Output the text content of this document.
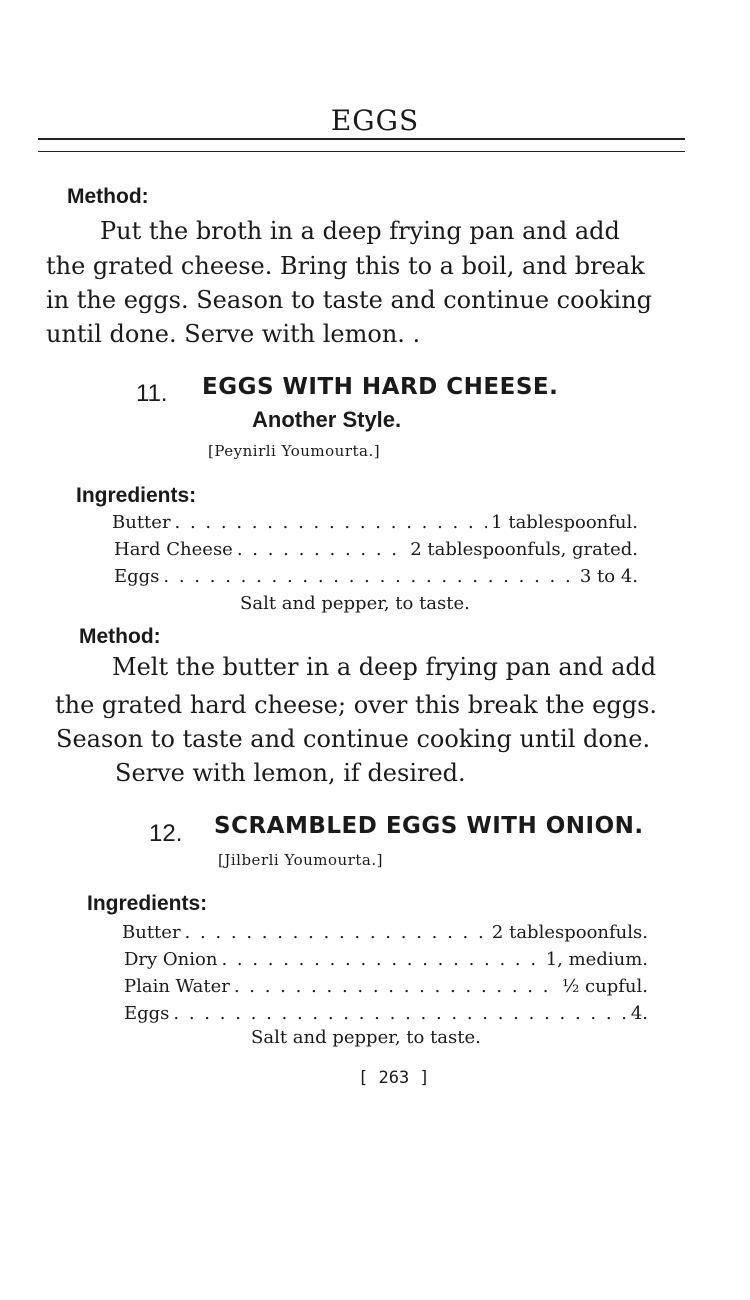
EGGS
Method:
Put the broth in a deep frying pan and add
the grated cheese. Bring this to a boil, and break
in the eggs. Season to taste and continue cooking
until done. Serve with lemon. .
11. EGGS WITH HARD CHEESE.
Another Style.
[Peynirli Youmourta.]
Ingredients:
Butter . . .	1 tablespoonful.
Hard Cheese . . .	2 tablespoonfuls, grated.
Eggs . . .	3 to 4.
Salt and pepper, to taste.
Method:
Melt the butter in a deep frying pan and add
the grated hard cheese; over this break the eggs.
Season to taste and continue cooking until done.
Serve with lemon, if desired.
12. SCRAMBLED EGGS WITH ONION.
[Jilberli Youmourta.]
Ingredients:
Butter . . .	2 tablespoonfuls.
Dry Onion . . .	1, medium.
Plain Water . . .	½ cupful.
Eggs . . .	4.
Salt and pepper, to taste.
[ 263 ]
